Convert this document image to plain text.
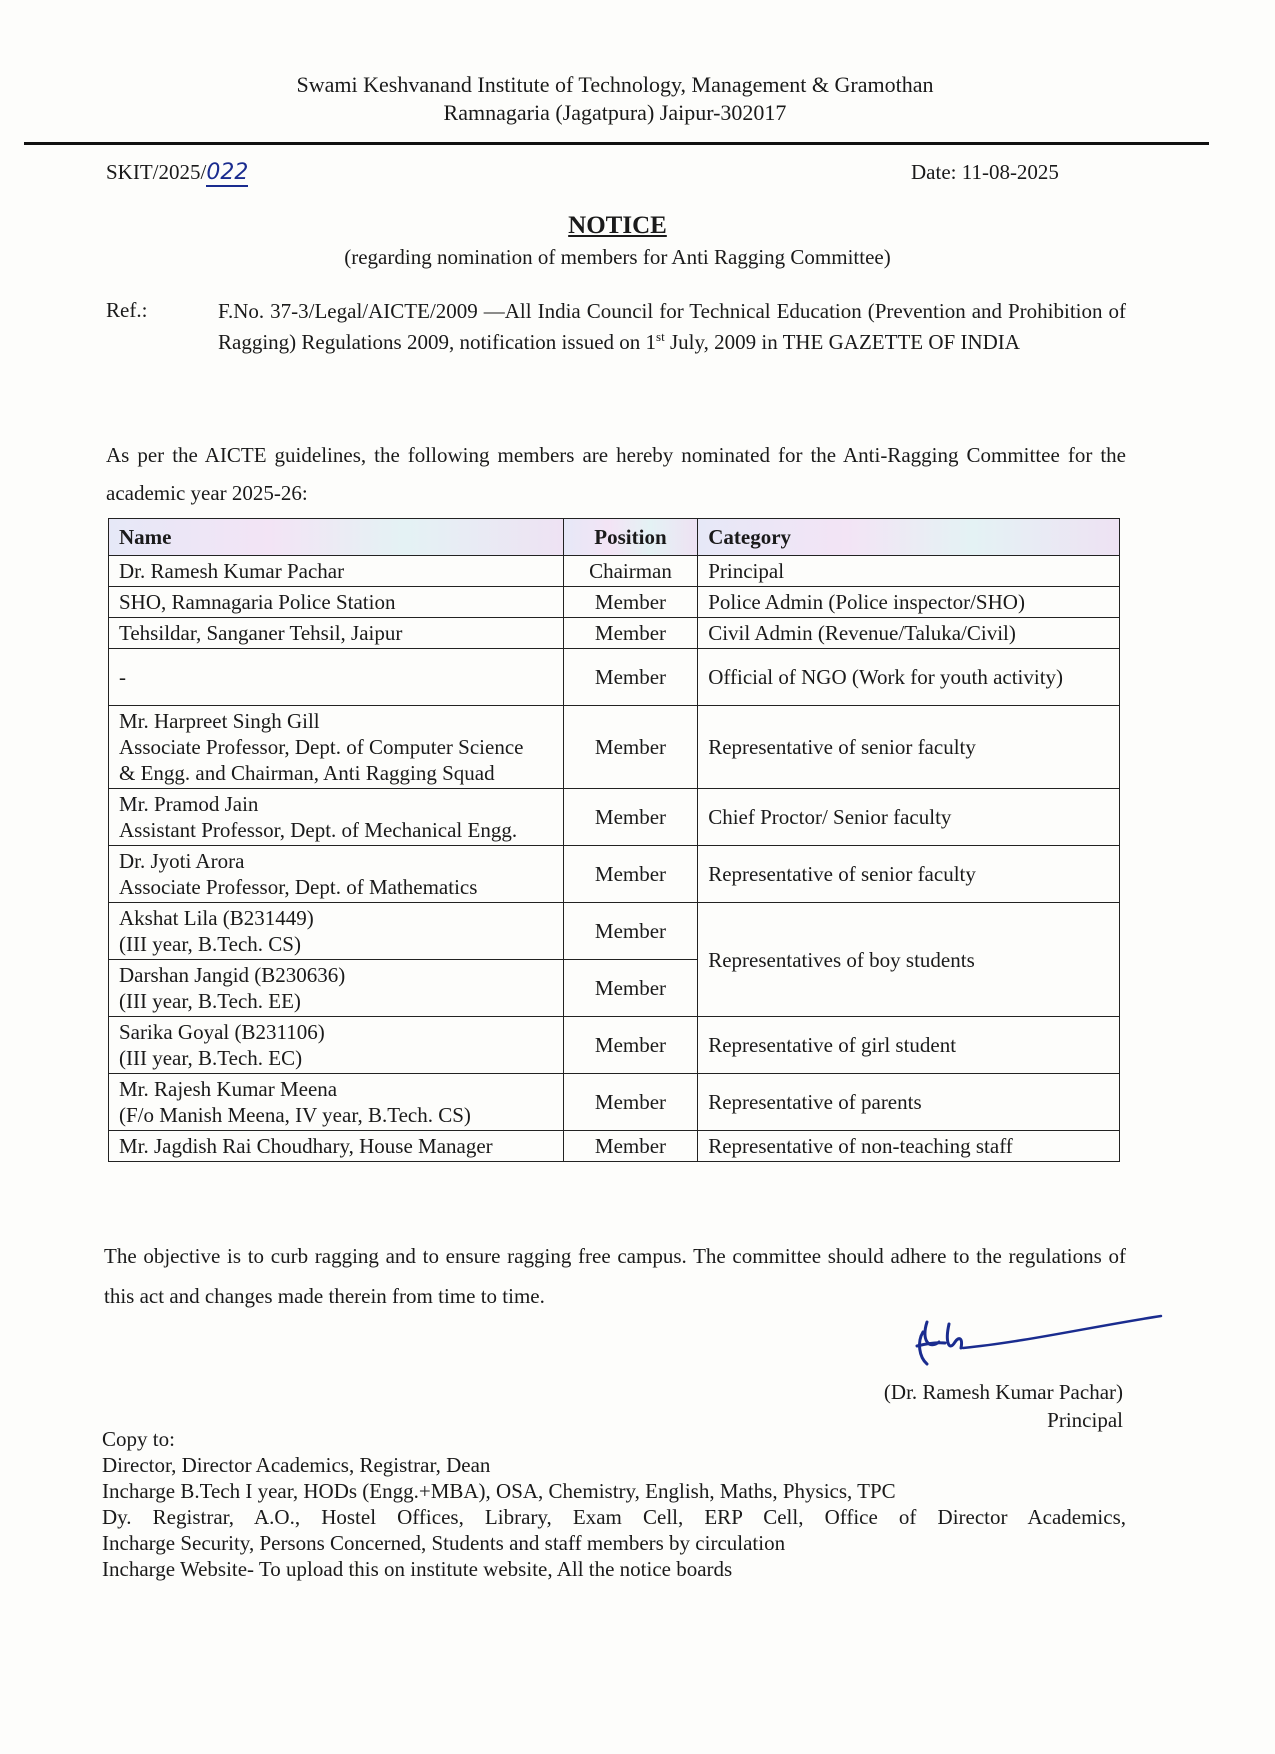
Swami Keshvanand Institute of Technology, Management & Gramothan
Ramnagaria (Jagatpura) Jaipur-302017
SKIT/2025/022	Date: 11-08-2025
NOTICE
(regarding nomination of members for Anti Ragging Committee)
Ref.:	F.No. 37-3/Legal/AICTE/2009 —All India Council for Technical Education (Prevention and Prohibition of Ragging) Regulations 2009, notification issued on 1st July, 2009 in THE GAZETTE OF INDIA
As per the AICTE guidelines, the following members are hereby nominated for the Anti-Ragging Committee for the academic year 2025-26:
Name	Position	Category
Dr. Ramesh Kumar Pachar	Chairman	Principal
SHO, Ramnagaria Police Station	Member	Police Admin (Police inspector/SHO)
Tehsildar, Sanganer Tehsil, Jaipur	Member	Civil Admin (Revenue/Taluka/Civil)
-	Member	Official of NGO (Work for youth activity)
Mr. Harpreet Singh Gill
Associate Professor, Dept. of Computer Science
& Engg. and Chairman, Anti Ragging Squad	Member	Representative of senior faculty
Mr. Pramod Jain
Assistant Professor, Dept. of Mechanical Engg.	Member	Chief Proctor/ Senior faculty
Dr. Jyoti Arora
Associate Professor, Dept. of Mathematics	Member	Representative of senior faculty
Akshat Lila (B231449)
(III year, B.Tech. CS)	Member	Representatives of boy students
Darshan Jangid (B230636)
(III year, B.Tech. EE)	Member	
Sarika Goyal (B231106)
(III year, B.Tech. EC)	Member	Representative of girl student
Mr. Rajesh Kumar Meena
(F/o Manish Meena, IV year, B.Tech. CS)	Member	Representative of parents
Mr. Jagdish Rai Choudhary, House Manager	Member	Representative of non-teaching staff
The objective is to curb ragging and to ensure ragging free campus. The committee should adhere to the regulations of this act and changes made therein from time to time.
(Dr. Ramesh Kumar Pachar)
Principal
Copy to:
Director, Director Academics, Registrar, Dean
Incharge B.Tech I year, HODs (Engg.+MBA), OSA, Chemistry, English, Maths, Physics, TPC
Dy. Registrar, A.O., Hostel Offices, Library, Exam Cell, ERP Cell, Office of Director Academics,
Incharge Security, Persons Concerned, Students and staff members by circulation
Incharge Website- To upload this on institute website, All the notice boards
